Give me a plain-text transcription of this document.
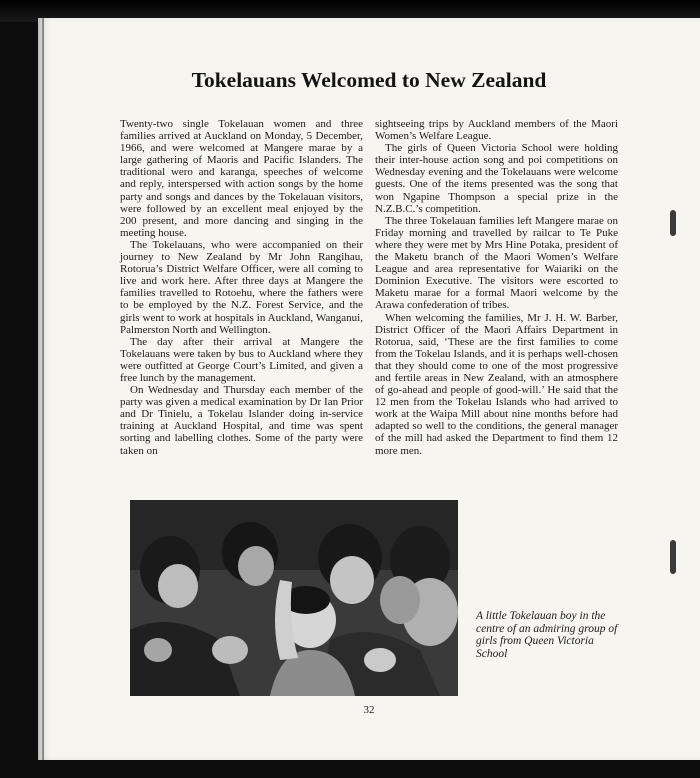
Tokelauans Welcomed to New Zealand

Twenty-two single Tokelauan women and three families arrived at Auckland on Monday, 5 December, 1966, and were welcomed at Mangere marae by a large gathering of Maoris and Pacific Islanders. The traditional wero and karanga, speeches of welcome and reply, interspersed with action songs by the home party and songs and dances by the Tokelauan visitors, were followed by an excellent meal enjoyed by the 200 present, and more dancing and singing in the meeting house.

The Tokelauans, who were accompanied on their journey to New Zealand by Mr John Rangihau, Rotorua’s District Welfare Officer, were all coming to live and work here. After three days at Mangere the families travelled to Rotoehu, where the fathers were to be employed by the N.Z. Forest Service, and the girls went to work at hospitals in Auckland, Wanganui, Palmerston North and Wellington.

The day after their arrival at Mangere the Tokelauans were taken by bus to Auckland where they were outfitted at George Court’s Limited, and given a free lunch by the management.

On Wednesday and Thursday each member of the party was given a medical examination by Dr Ian Prior and Dr Tinielu, a Tokelau Islander doing in-service training at Auckland Hospital, and time was spent sorting and labelling clothes. Some of the party were taken on

sightseeing trips by Auckland members of the Maori Women’s Welfare League.

The girls of Queen Victoria School were holding their inter-house action song and poi competitions on Wednesday evening and the Tokelauans were welcome guests. One of the items presented was the song that won Ngapine Thompson a special prize in the N.Z.B.C.’s competition.

The three Tokelauan families left Mangere marae on Friday morning and travelled by railcar to Te Puke where they were met by Mrs Hine Potaka, president of the Maketu branch of the Maori Women’s Welfare League and area representative for Waiariki on the Dominion Executive. The visitors were escorted to Maketu marae for a formal Maori welcome by the Arawa confederation of tribes.

When welcoming the families, Mr J. H. W. Barber, District Officer of the Maori Affairs Department in Rotorua, said, ‘These are the first families to come from the Tokelau Islands, and it is perhaps well-chosen that they should come to one of the most progressive and fertile areas in New Zealand, with an atmosphere of go-ahead and people of good-will.’ He said that the 12 men from the Tokelau Islands who had arrived to work at the Waipa Mill about nine months before had adapted so well to the conditions, the general manager of the mill had asked the Department to find them 12 more men.

A little Tokelauan boy in the centre of an admiring group of girls from Queen Victoria School
32
